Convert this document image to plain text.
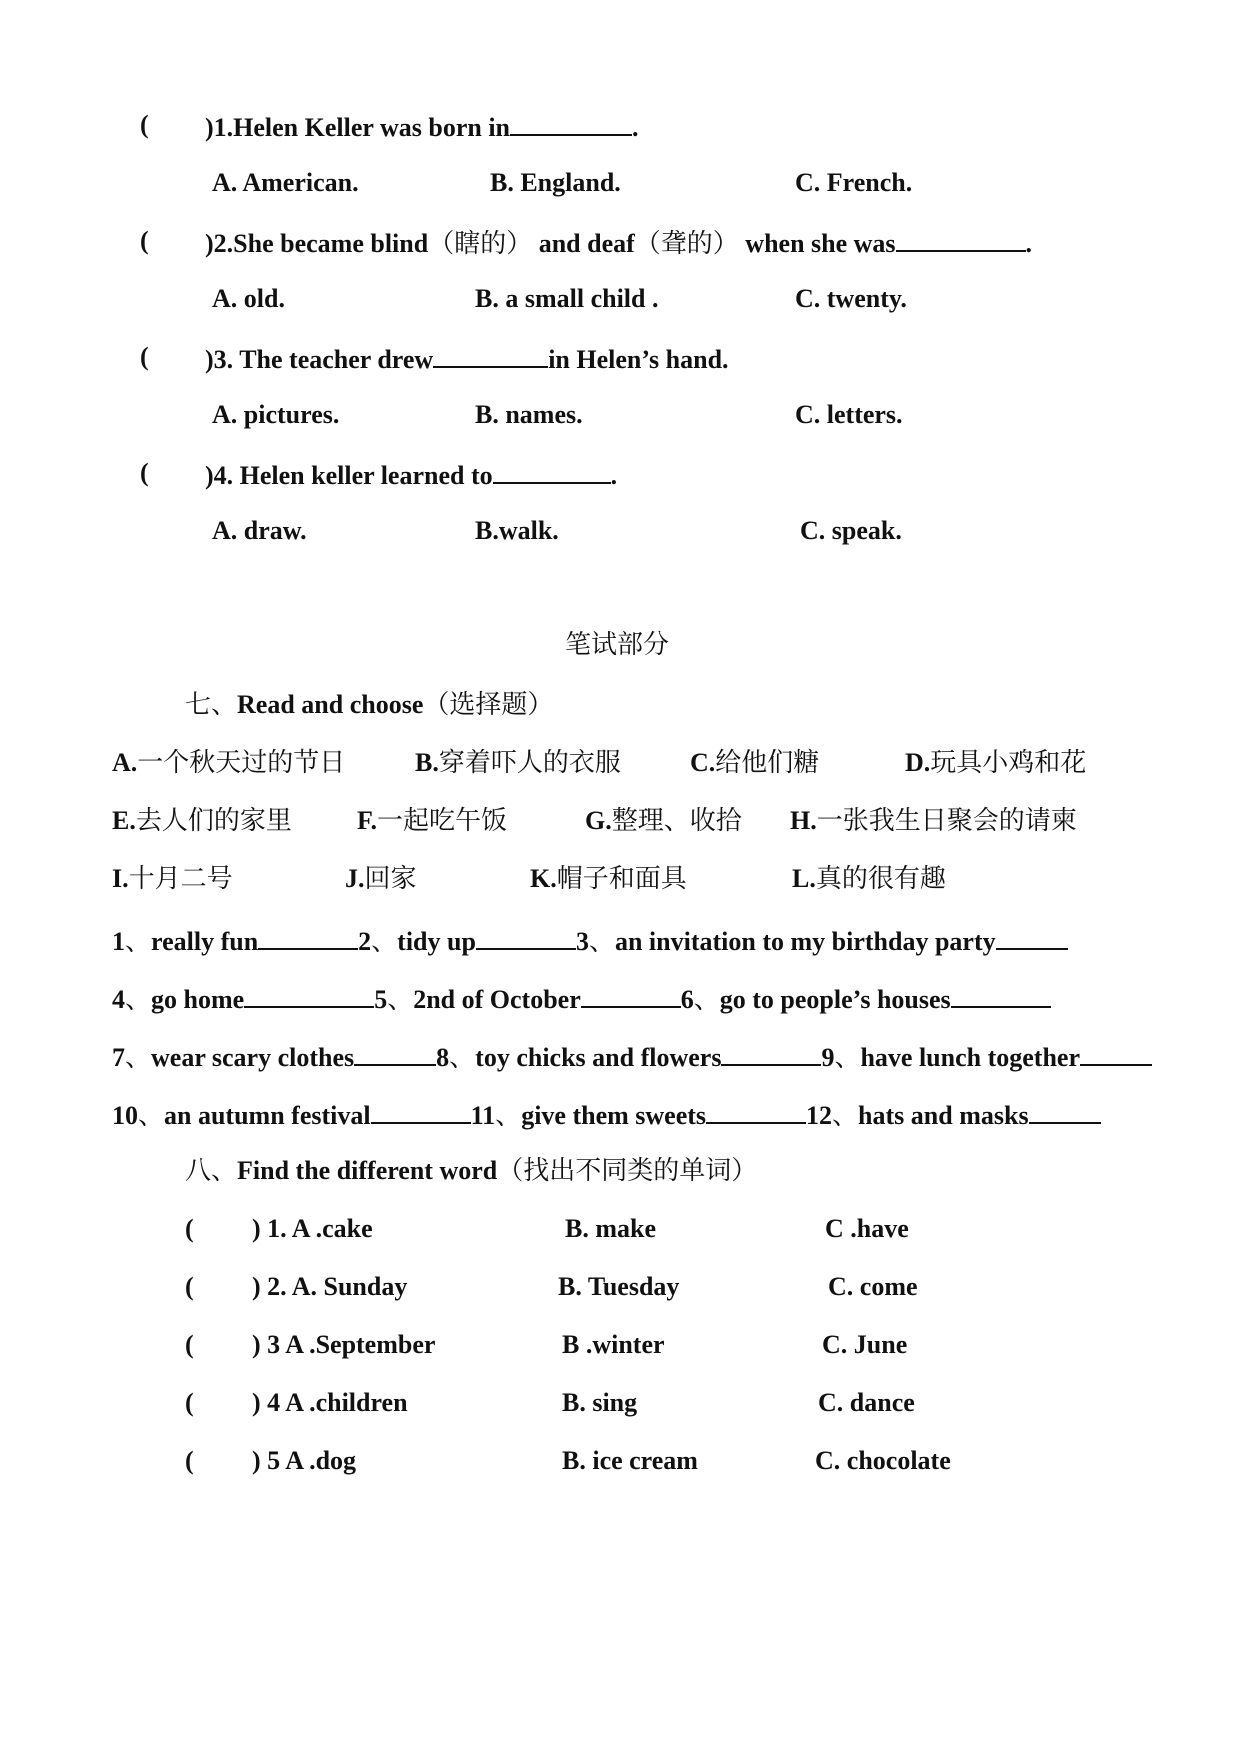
( )1.Helen Keller was born in	.
A. American.	B. England.	C. French.
( )2.She became blind（瞎的） and deaf（聋的） when she was	.
A. old.	B. a small child .	C. twenty.
( )3. The teacher drew	in Helen’s hand.
A. pictures.	B. names.	C. letters.
( )4. Helen keller learned to	.
A. draw.	B.walk.	C. speak.
笔试部分
七、Read and choose（选择题）
A.一个秋天过的节日	B.穿着吓人的衣服	C.给他们糖	D.玩具小鸡和花
E.去人们的家里	F.一起吃午饭	G.整理、收拾 H.一张我生日聚会的请柬
I.十月二号	J.回家	K.帽子和面具	L.真的很有趣
1、really fun	2、tidy up	3、an invitation to my birthday party
4、go home	5、2nd of October	6、go to people’s houses
7、wear scary clothes	8、toy chicks and flowers	9、have lunch together
10、an autumn festival	11、give them sweets	12、hats and masks
八、Find the different word（找出不同类的单词）
( ) 1. A .cake	B. make	C .have
( ) 2. A. Sunday	B. Tuesday	C. come
( ) 3 A .September	B .winter	C. June
( ) 4 A .children	B. sing	C. dance
( ) 5 A .dog	B. ice cream	C. chocolate
